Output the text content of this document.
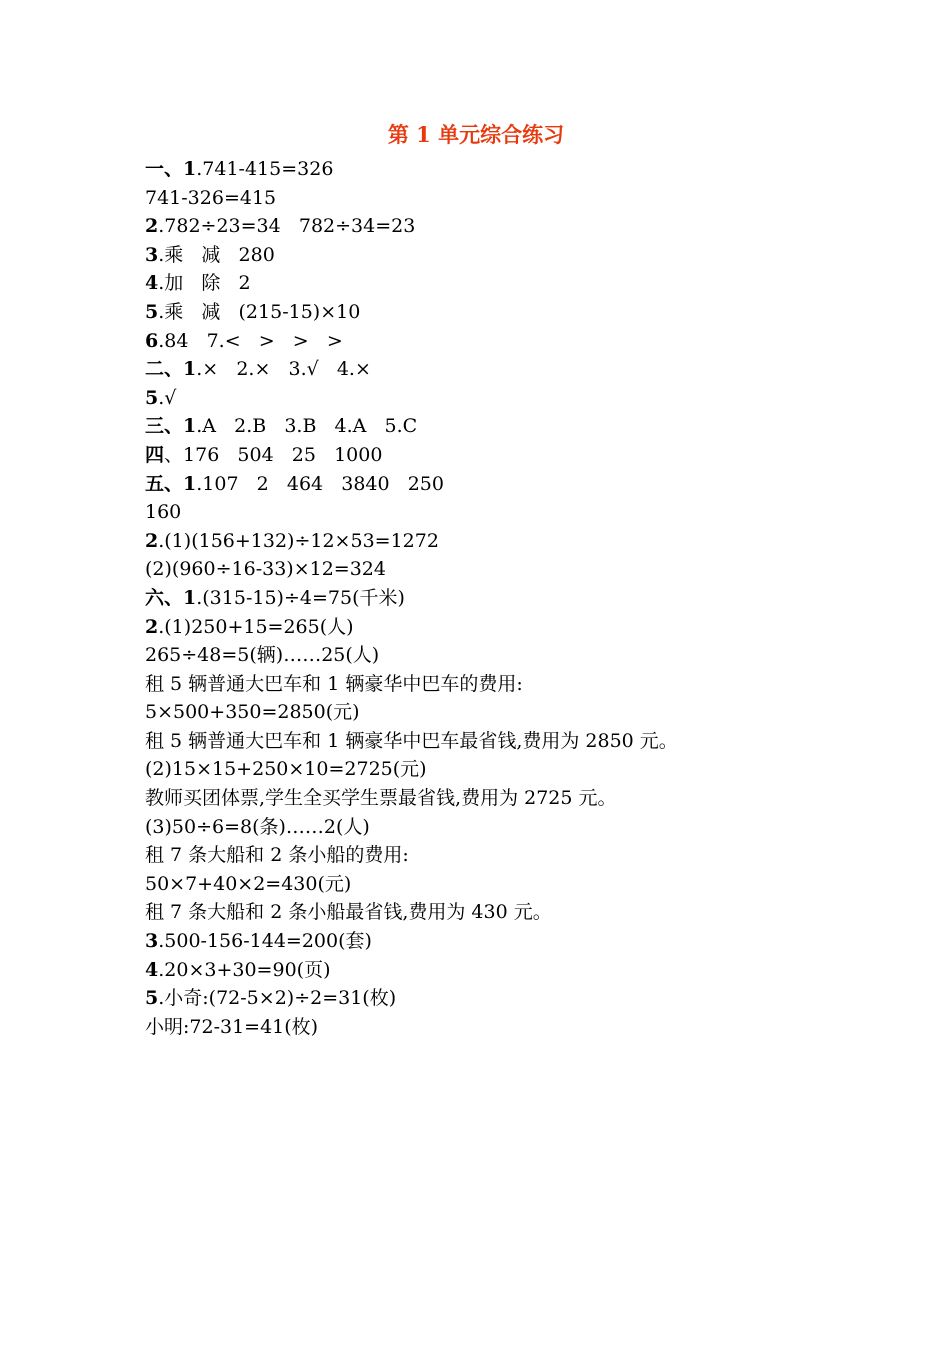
第 1 单元综合练习
一、1.741-415=326
741-326=415
2.782÷23=34   782÷34=23
3.乘   减   280
4.加   除   2
5.乘   减   (215-15)×10
6.84   7.<   >   >   >
二、1.×   2.×   3.√   4.×
5.√
三、1.A   2.B   3.B   4.A   5.C
四、176   504   25   1000
五、1.107   2   464   3840   250
160
2.(1)(156+132)÷12×53=1272
(2)(960÷16-33)×12=324
六、1.(315-15)÷4=75(千米)
2.(1)250+15=265(人)
265÷48=5(辆)……25(人)
租 5 辆普通大巴车和 1 辆豪华中巴车的费用:
5×500+350=2850(元)
租 5 辆普通大巴车和 1 辆豪华中巴车最省钱,费用为 2850 元。
(2)15×15+250×10=2725(元)
教师买团体票,学生全买学生票最省钱,费用为 2725 元。
(3)50÷6=8(条)……2(人)
租 7 条大船和 2 条小船的费用:
50×7+40×2=430(元)
租 7 条大船和 2 条小船最省钱,费用为 430 元。
3.500-156-144=200(套)
4.20×3+30=90(页)
5.小奇:(72-5×2)÷2=31(枚)
小明:72-31=41(枚)
